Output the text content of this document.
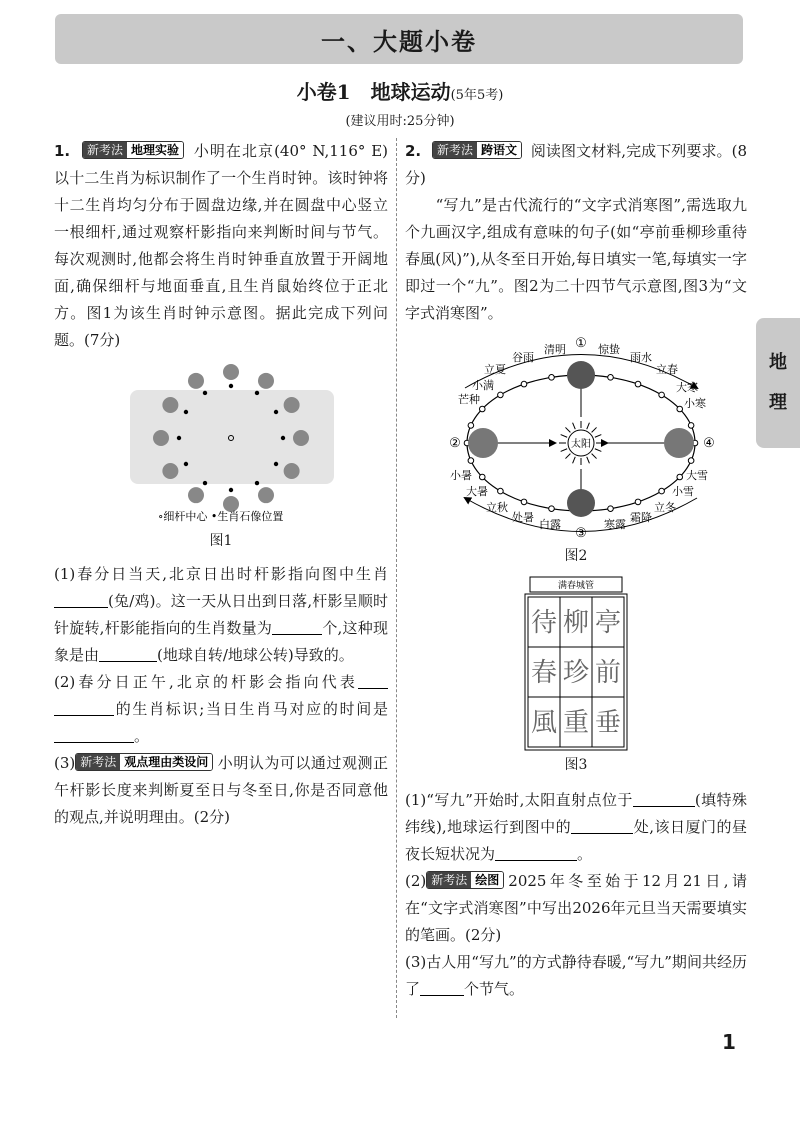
一、大题小卷
小卷1　地球运动(5年5考)
(建议用时:25分钟)

1.	新考法 地理实验 小明在北京(40° N,116° E)以十二生肖为标识制作了一个生肖时钟。该时钟将十二生肖均匀分布于圆盘边缘,并在圆盘中心竖立一根细杆,通过观察杆影指向来判断时间与节气。每次观测时,他都会将生肖时钟垂直放置于开阔地面,确保细杆与地面垂直,且生肖鼠始终位于正北方。图1为该生肖时钟示意图。据此完成下列问题。(7分)

∘细杆中心 •生肖石像位置
图1

(1)春分日当天,北京日出时杆影指向图中生肖(兔/鸡)。这一天从日出到日落,杆影呈顺时针旋转,杆影能指向的生肖数量为	个,这种现象是由	(地球自转/地球公转)导致的。

(2)春分日正午,北京的杆影会指向代表的生肖标识;当日生肖马对应的时间是。

(3) 新考法 观点理由类设问 小明认为可以通过观测正午杆影长度来判断夏至日与冬至日,你是否同意他的观点,并说明理由。(2分)

2.	新考法 跨语文 阅读图文材料,完成下列要求。(8分)

　　“写九”是古代流行的“文字式消寒图”,需选取九个九画汉字,组成有意味的句子(如“亭前垂柳珍重待春風(风)”),从冬至日开始,每日填实一笔,每填实一字即过一个“九”。图2为二十四节气示意图,图3为“文字式消寒图”。

太阳
清明
谷雨
立夏
小满
芒种
小暑
大暑
立秋
处暑
白露	寒露
霜降
立冬
小雪
大雪
小寒
大寒
立春
雨水
惊蛰
①
②
③
④
图2
满春城管
待 柳 亭
春 珍 前
風 重 垂
图3

(1)“写九”开始时,太阳直射点位于	(填特殊纬线),地球运行到图中的	处,该日厦门的昼夜长短状况为	。

(2) 新考法 绘图 2025年冬至始于12月21日,请在“文字式消寒图”中写出2026年元旦当天需要填实的笔画。(2分)

(3)古人用“写九”的方式静待春暖,“写九”期间共经历了	个节气。

地
理
1
